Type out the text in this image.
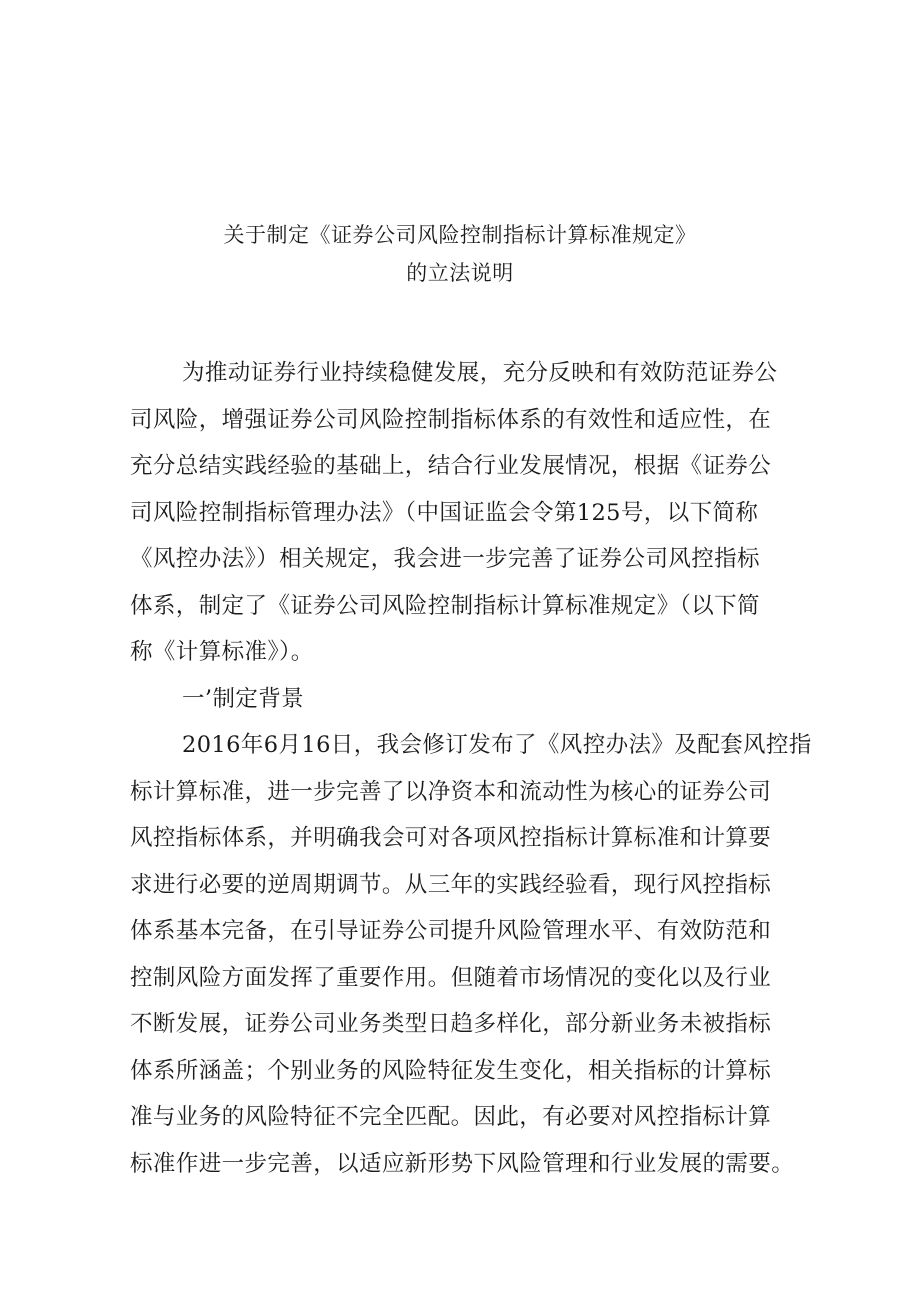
关于制定《证券公司风险控制指标计算标准规定》
的立法说明
为推动证券行业持续稳健发展，充分反映和有效防范证券公
司风险，增强证券公司风险控制指标体系的有效性和适应性，在
充分总结实践经验的基础上，结合行业发展情况，根据《证券公
司风险控制指标管理办法》（中国证监会令第125号，以下简称
《风控办法》）相关规定，我会进一步完善了证券公司风控指标
体系，制定了《证券公司风险控制指标计算标准规定》（以下简
称《计算标准》）。
一’制定背景
2016年6月16日，我会修订发布了《风控办法》及配套风控指
标计算标准，进一步完善了以净资本和流动性为核心的证券公司
风控指标体系，并明确我会可对各项风控指标计算标准和计算要
求进行必要的逆周期调节。从三年的实践经验看，现行风控指标
体系基本完备，在引导证券公司提升风险管理水平、有效防范和
控制风险方面发挥了重要作用。但随着市场情况的变化以及行业
不断发展，证券公司业务类型日趋多样化，部分新业务未被指标
体系所涵盖；个别业务的风险特征发生变化，相关指标的计算标
准与业务的风险特征不完全匹配。因此，有必要对风控指标计算
标准作进一步完善，以适应新形势下风险管理和行业发展的需要。
